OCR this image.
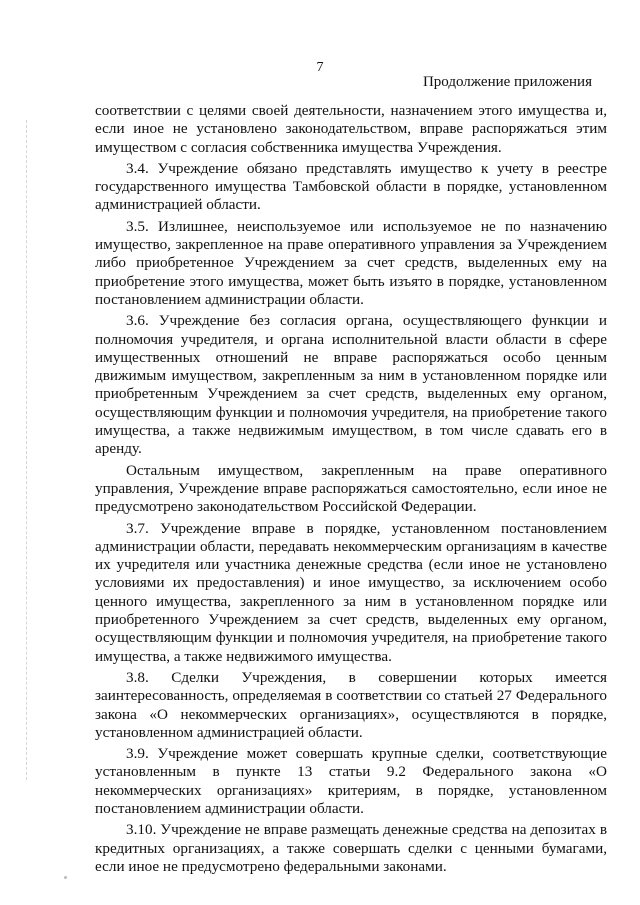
7
Продолжение приложения

соответствии с целями своей деятельности, назначением этого имущества и, если иное не установлено законодательством, вправе распоряжаться этим имуществом с согласия собственника имущества Учреждения.

3.4. Учреждение обязано представлять имущество к учету в реестре государственного имущества Тамбовской области в порядке, установленном администрацией области.

3.5. Излишнее, неиспользуемое или используемое не по назначению имущество, закрепленное на праве оперативного управления за Учреждением либо приобретенное Учреждением за счет средств, выделенных ему на приобретение этого имущества, может быть изъято в порядке, установленном постановлением администрации области.

3.6. Учреждение без согласия органа, осуществляющего функции и полномочия учредителя, и органа исполнительной власти области в сфере имущественных отношений не вправе распоряжаться особо ценным движимым имуществом, закрепленным за ним в установленном порядке или приобретенным Учреждением за счет средств, выделенных ему органом, осуществляющим функции и полномочия учредителя, на приобретение такого имущества, а также недвижимым имуществом, в том числе сдавать его в аренду.

Остальным имуществом, закрепленным на праве оперативного управления, Учреждение вправе распоряжаться самостоятельно, если иное не предусмотрено законодательством Российской Федерации.

3.7. Учреждение вправе в порядке, установленном постановлением администрации области, передавать некоммерческим организациям в качестве их учредителя или участника денежные средства (если иное не установлено условиями их предоставления) и иное имущество, за исключением особо ценного имущества, закрепленного за ним в установленном порядке или приобретенного Учреждением за счет средств, выделенных ему органом, осуществляющим функции и полномочия учредителя, на приобретение такого имущества, а также недвижимого имущества.

3.8. Сделки Учреждения, в совершении которых имеется заинтересованность, определяемая в соответствии со статьей 27 Федерального закона «О некоммерческих организациях», осуществляются в порядке, установленном администрацией области.

3.9. Учреждение может совершать крупные сделки, соответствующие установленным в пункте 13 статьи 9.2 Федерального закона «О некоммерческих организациях» критериям, в порядке, установленном постановлением администрации области.

3.10. Учреждение не вправе размещать денежные средства на депозитах в кредитных организациях, а также совершать сделки с ценными бумагами, если иное не предусмотрено федеральными законами.
